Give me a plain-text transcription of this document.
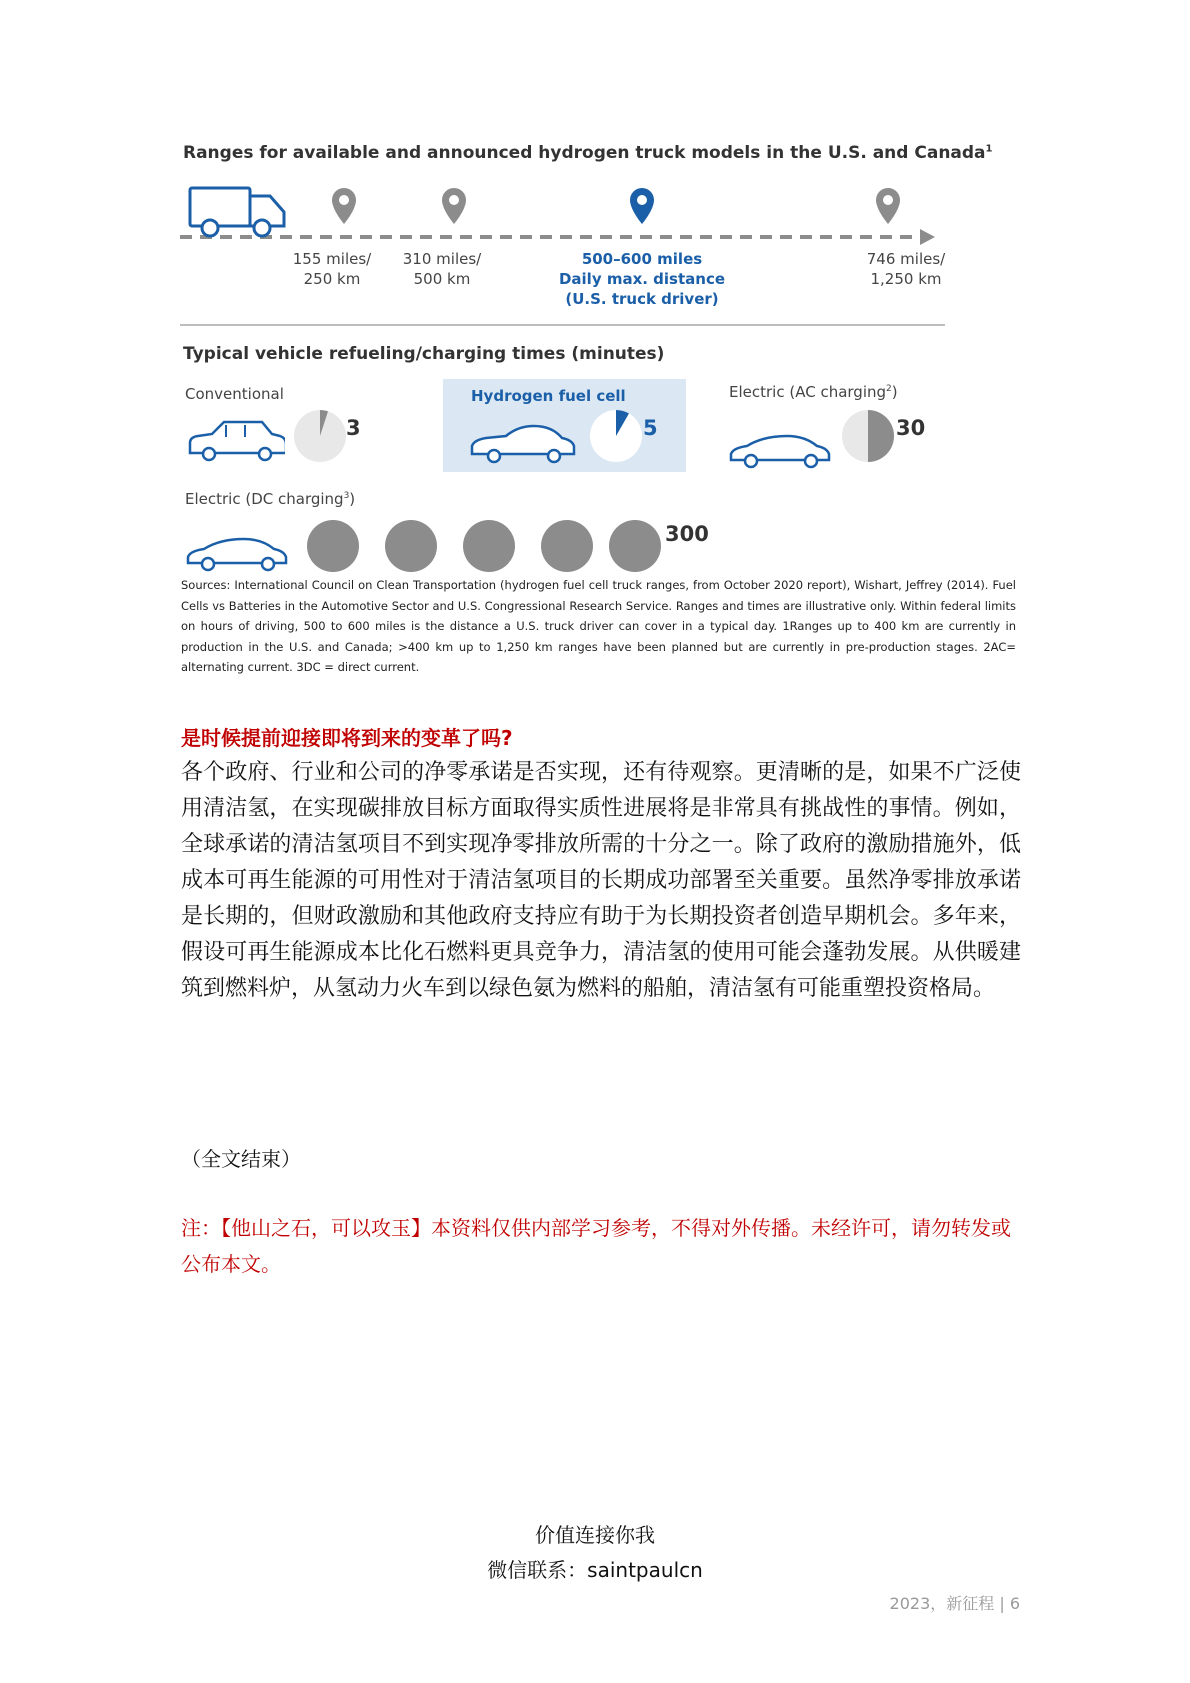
Ranges for available and announced hydrogen truck models in the U.S. and Canada$^1$
155 miles/
250 km
310 miles/
500 km
500–600 miles
Daily max. distance
(U.S. truck driver)
746 miles/
1,250 km
Typical vehicle refueling/charging times (minutes)
Conventional
3
Hydrogen fuel cell
5
Electric (AC charging$^2$)
30
Electric (DC charging$^3$)
300
Sources: International Council on Clean Transportation (hydrogen fuel cell truck ranges, from October 2020 report), Wishart, Jeffrey (2014). Fuel Cells vs Batteries in the Automotive Sector and U.S. Congressional Research Service. Ranges and times are illustrative only. Within federal limits on hours of driving, 500 to 600 miles is the distance a U.S. truck driver can cover in a typical day. 1Ranges up to 400 km are currently in production in the U.S. and Canada; >400 km up to 1,250 km ranges have been planned but are currently in pre-production stages. 2AC= alternating current. 3DC = direct current.
是时候提前迎接即将到来的变革了吗?
各个政府、行业和公司的净零承诺是否实现，还有待观察。更清晰的是，如果不广泛使用清洁氢，在实现碳排放目标方面取得实质性进展将是非常具有挑战性的事情。例如，全球承诺的清洁氢项目不到实现净零排放所需的十分之一。除了政府的激励措施外，低成本可再生能源的可用性对于清洁氢项目的长期成功部署至关重要。虽然净零排放承诺是长期的，但财政激励和其他政府支持应有助于为长期投资者创造早期机会。多年来，假设可再生能源成本比化石燃料更具竞争力，清洁氢的使用可能会蓬勃发展。从供暖建筑到燃料炉，从氢动力火车到以绿色氨为燃料的船舶，清洁氢有可能重塑投资格局。
（全文结束）
注：【他山之石，可以攻玉】本资料仅供内部学习参考，不得对外传播。未经许可，请勿转发或公布本文。
价值连接你我
微信联系：saintpaulcn
2023，新征程 | 6
